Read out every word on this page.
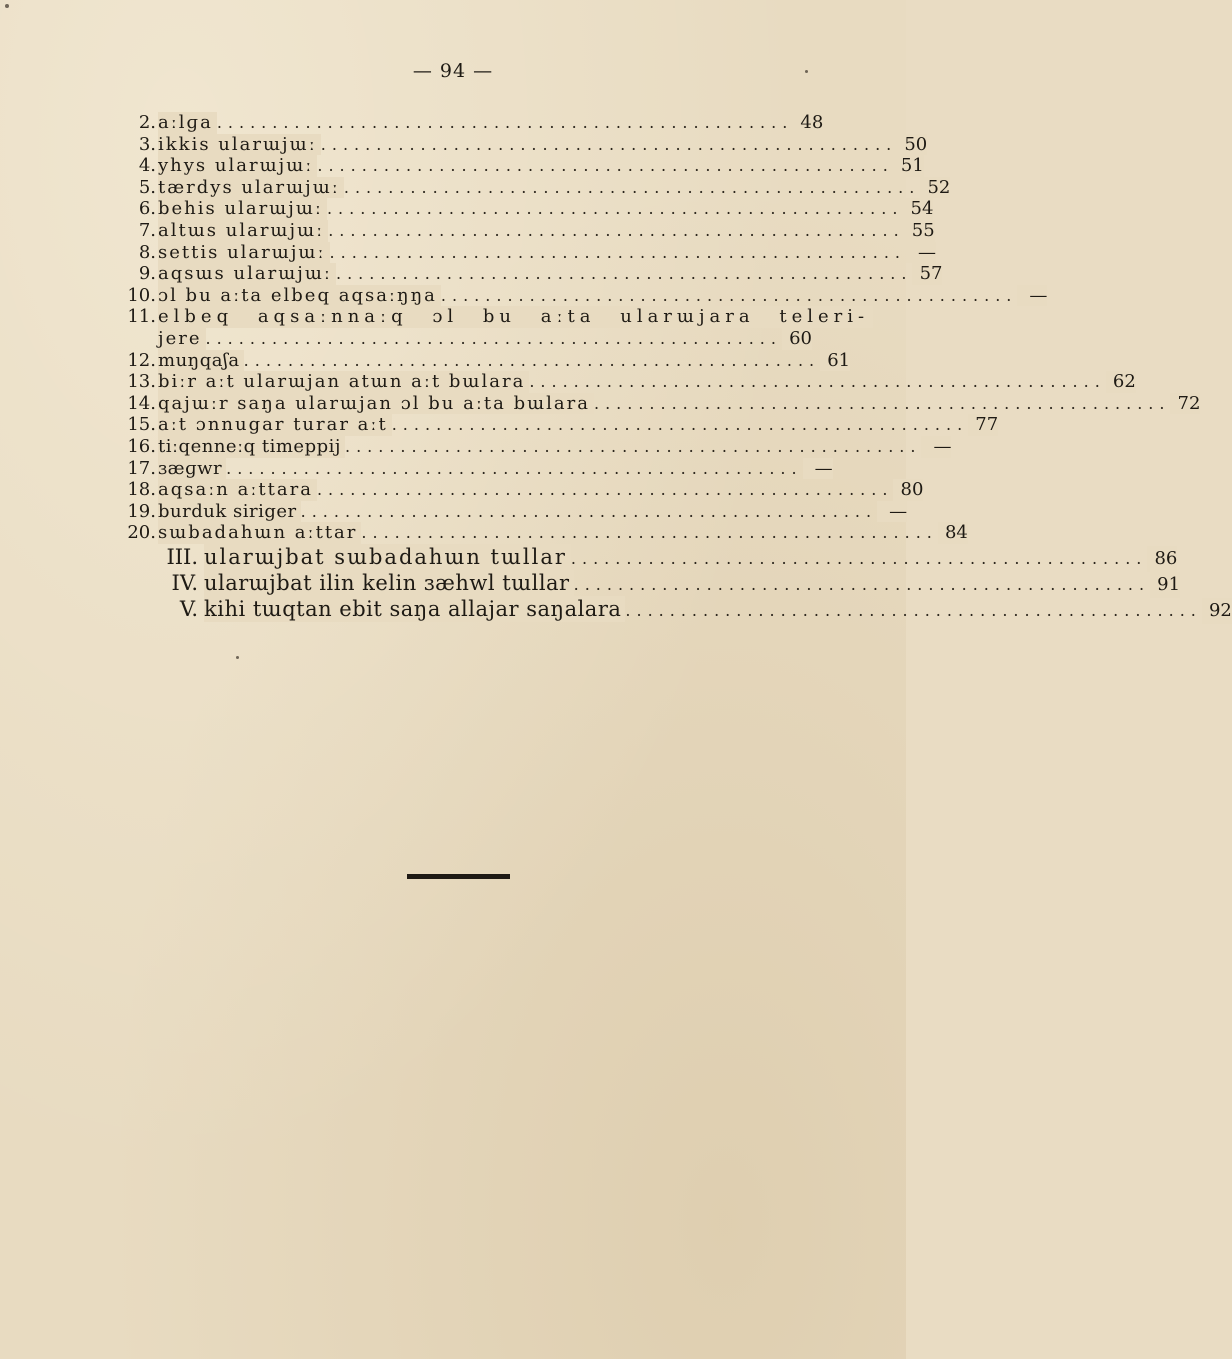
— 94 —
2. aːlɡa .................................................... 48
3. ikkis ularɯjɯː .................................................... 50
4. yhys ularɯjɯː .................................................... 51
5. tærdys ularɯjɯː .................................................... 52
6. behis ularɯjɯː .................................................... 54
7. altɯs ularɯjɯː .................................................... 55
8. settis ularɯjɯː .................................................... —
9. aqsɯs ularɯjɯː .................................................... 57
10. ɔl bu aːta elbeq aqsaːŋŋa .................................................... —
11. elbeq aqsaːnnaːq ɔl bu aːta ularɯjara teleri-
jere .................................................... 60
12. muŋqaʃa .................................................... 61
13. biːr aːt ularɯjan atɯn aːt bɯlara .................................................... 62
14. qajɯːr saŋa ularɯjan ɔl bu aːta bɯlara .................................................... 72
15. aːt ɔnnugar turar aːt .................................................... 77
16. tiːqenneːq timeppij .................................................... —
17. ɜæɡwr .................................................... —
18. aqsaːn aːttara .................................................... 80
19. burduk siriger .................................................... —
20. sɯbadahɯn aːttar .................................................... 84
III. ularɯjbat sɯbadahɯn tɯllar .................................................... 86
IV. ularɯjbat ilin kelin ɜæhwl tɯllar .................................................... 91
V. kihi tɯqtan ebit saŋa allajar saŋalara .................................................... 92
